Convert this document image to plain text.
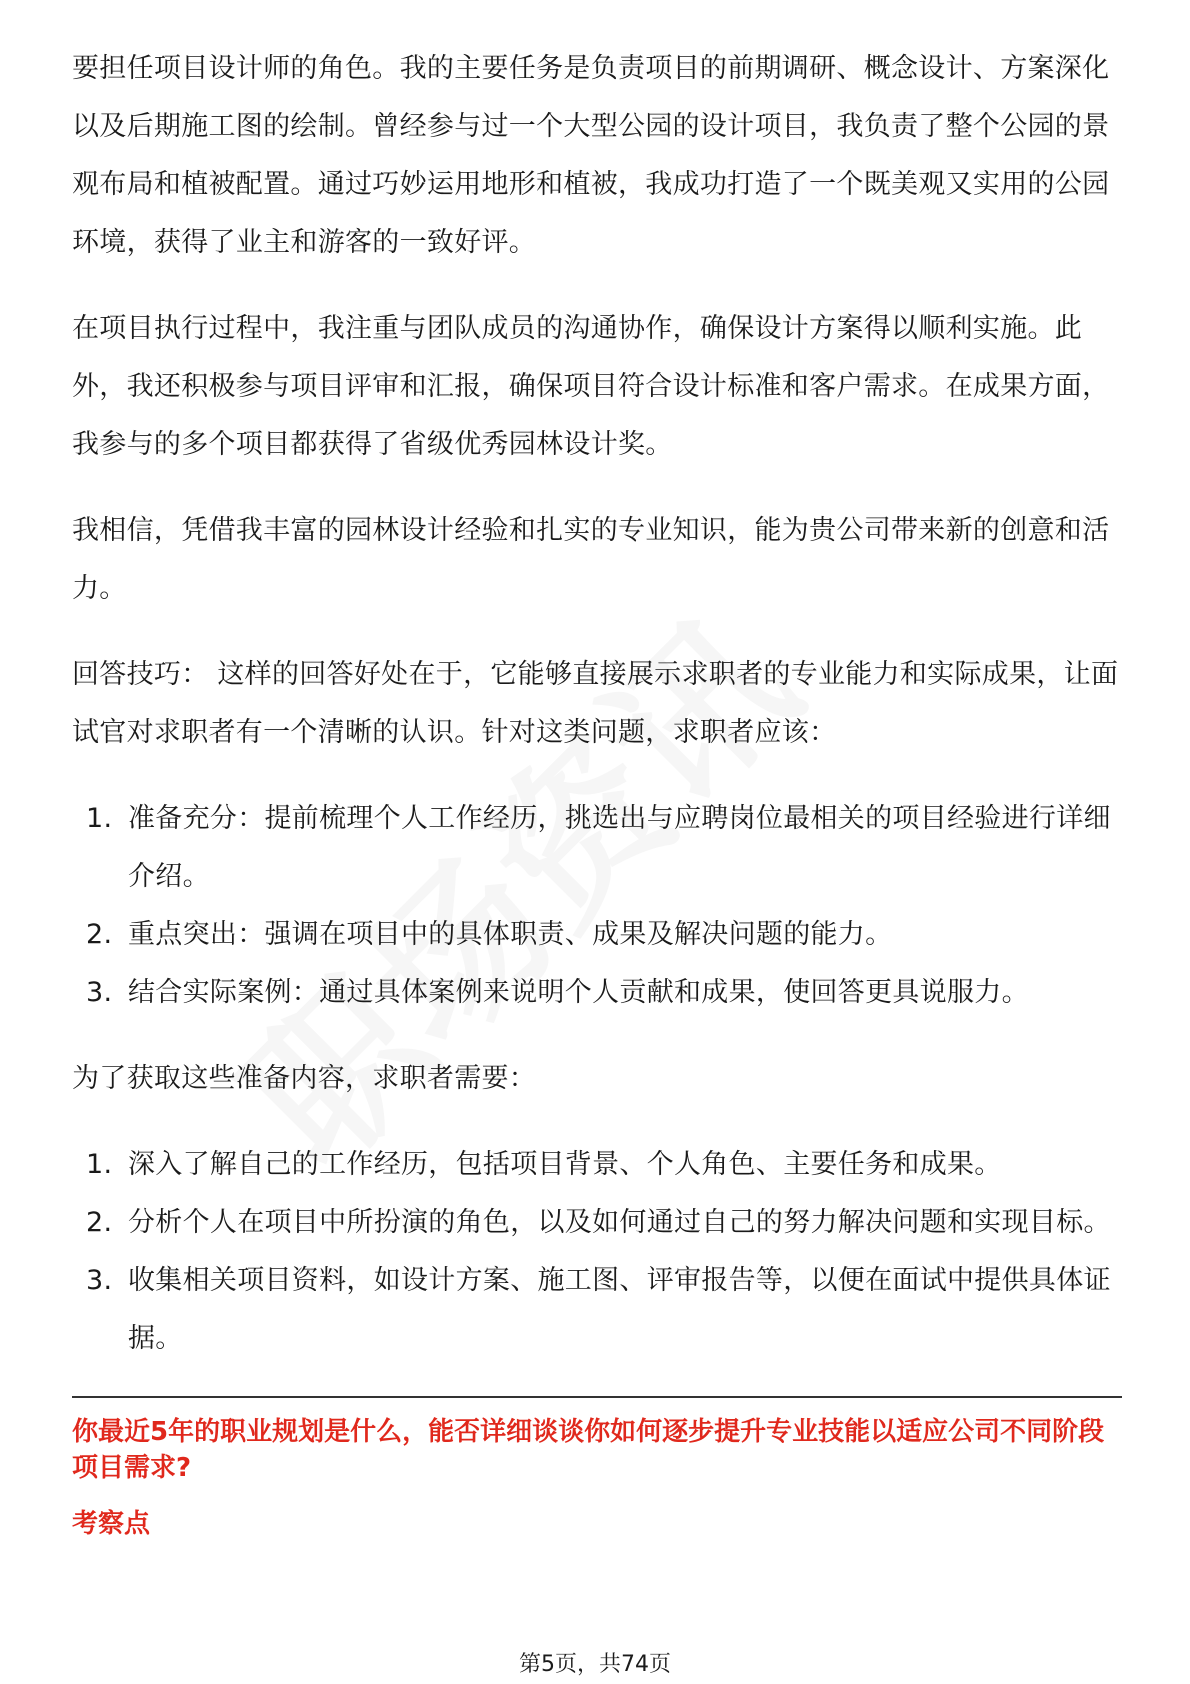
要担任项目设计师的角色。我的主要任务是负责项目的前期调研、概念设计、方案深化以及后期施工图的绘制。曾经参与过一个大型公园的设计项目，我负责了整个公园的景观布局和植被配置。通过巧妙运用地形和植被，我成功打造了一个既美观又实用的公园环境，获得了业主和游客的一致好评。

在项目执行过程中，我注重与团队成员的沟通协作，确保设计方案得以顺利实施。此外，我还积极参与项目评审和汇报，确保项目符合设计标准和客户需求。在成果方面，我参与的多个项目都获得了省级优秀园林设计奖。

我相信，凭借我丰富的园林设计经验和扎实的专业知识，能为贵公司带来新的创意和活力。

回答技巧： 这样的回答好处在于，它能够直接展示求职者的专业能力和实际成果，让面试官对求职者有一个清晰的认识。针对这类问题，求职者应该：

1. 准备充分：提前梳理个人工作经历，挑选出与应聘岗位最相关的项目经验进行详细介绍。
2. 重点突出：强调在项目中的具体职责、成果及解决问题的能力。
3. 结合实际案例：通过具体案例来说明个人贡献和成果，使回答更具说服力。

为了获取这些准备内容，求职者需要：

1. 深入了解自己的工作经历，包括项目背景、个人角色、主要任务和成果。
2. 分析个人在项目中所扮演的角色，以及如何通过自己的努力解决问题和实现目标。
3. 收集相关项目资料，如设计方案、施工图、评审报告等，以便在面试中提供具体证据。

你最近5年的职业规划是什么，能否详细谈谈你如何逐步提升专业技能以适应公司不同阶段项目需求?

考察点

第5页，共74页
